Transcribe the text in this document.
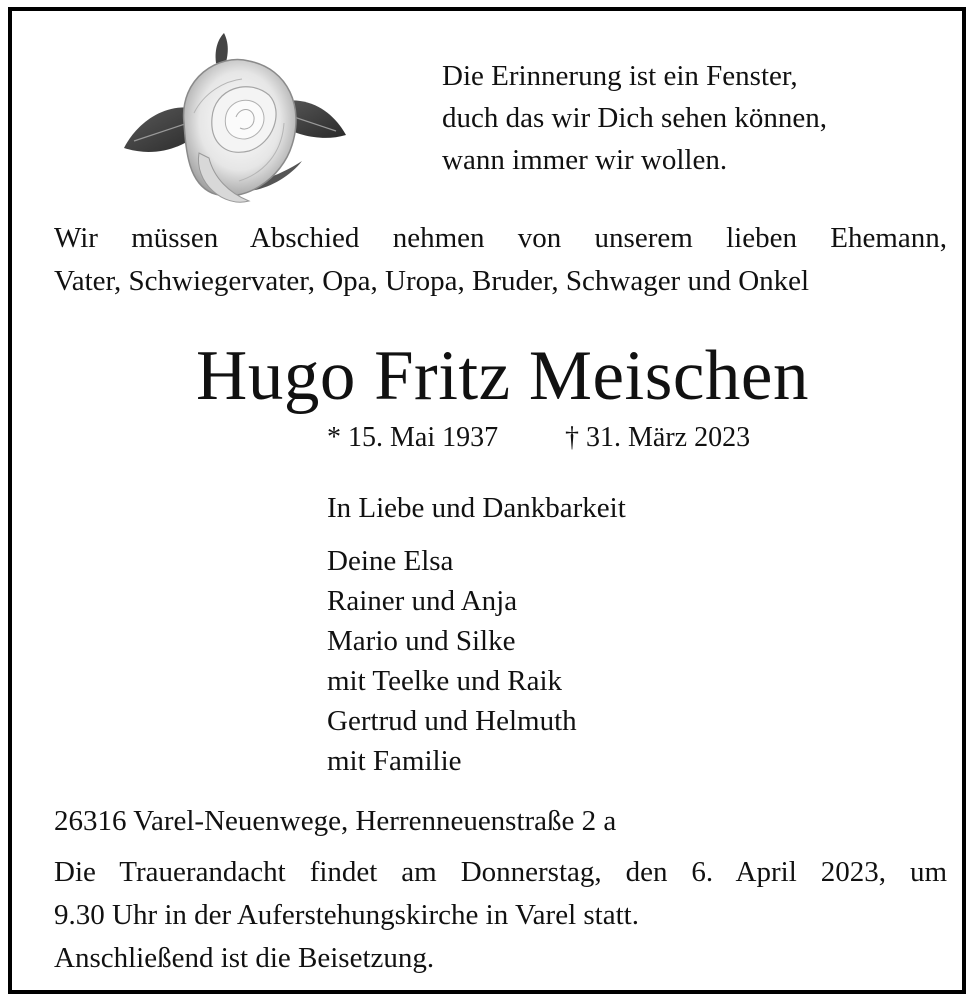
Die Erinnerung ist ein Fenster,
duch das wir Dich sehen können,
wann immer wir wollen.
Wir müssen Abschied nehmen von unserem lieben Ehemann,
Vater, Schwiegervater, Opa, Uropa, Bruder, Schwager und Onkel
Hugo Fritz Meischen
* 15. Mai 1937 † 31. März 2023
In Liebe und Dankbarkeit
Deine Elsa
Rainer und Anja
Mario und Silke
mit Teelke und Raik
Gertrud und Helmuth
mit Familie
26316 Varel-Neuenwege, Herrenneuenstraße 2 a
Die Trauerandacht findet am Donnerstag, den 6. April 2023, um
9.30 Uhr in der Auferstehungskirche in Varel statt.
Anschließend ist die Beisetzung.
